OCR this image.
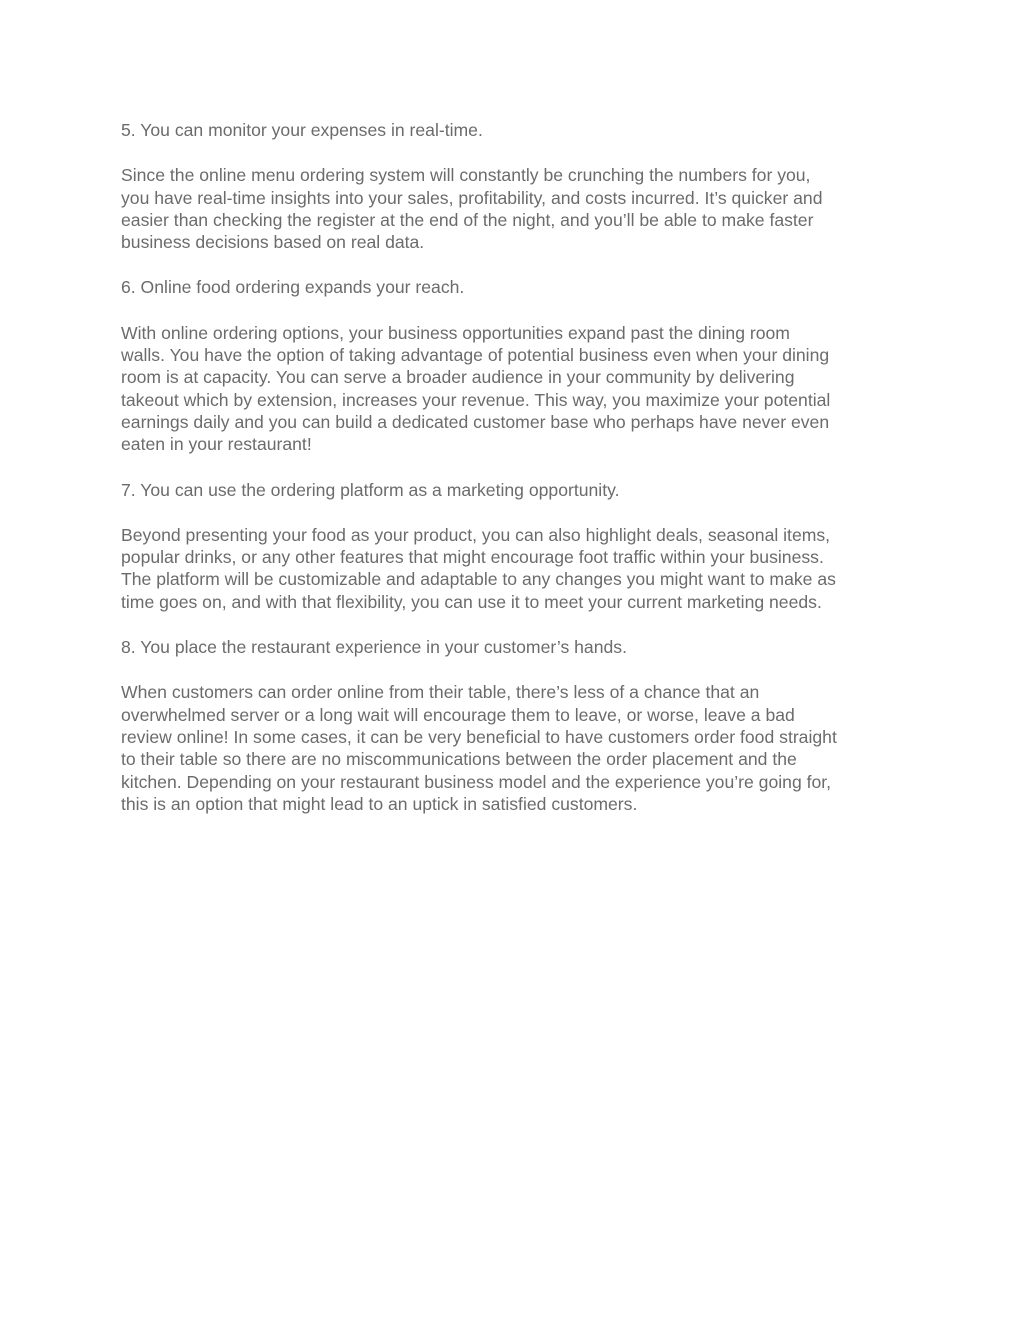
5. You can monitor your expenses in real-time.

Since the online menu ordering system will constantly be crunching the numbers for you,
you have real-time insights into your sales, profitability, and costs incurred. It’s quicker and
easier than checking the register at the end of the night, and you’ll be able to make faster
business decisions based on real data.

6. Online food ordering expands your reach.

With online ordering options, your business opportunities expand past the dining room
walls. You have the option of taking advantage of potential business even when your dining
room is at capacity. You can serve a broader audience in your community by delivering
takeout which by extension, increases your revenue. This way, you maximize your potential
earnings daily and you can build a dedicated customer base who perhaps have never even
eaten in your restaurant!

7. You can use the ordering platform as a marketing opportunity.

Beyond presenting your food as your product, you can also highlight deals, seasonal items,
popular drinks, or any other features that might encourage foot traffic within your business.
The platform will be customizable and adaptable to any changes you might want to make as
time goes on, and with that flexibility, you can use it to meet your current marketing needs.

8. You place the restaurant experience in your customer’s hands.

When customers can order online from their table, there’s less of a chance that an
overwhelmed server or a long wait will encourage them to leave, or worse, leave a bad
review online! In some cases, it can be very beneficial to have customers order food straight
to their table so there are no miscommunications between the order placement and the
kitchen. Depending on your restaurant business model and the experience you’re going for,
this is an option that might lead to an uptick in satisfied customers.
